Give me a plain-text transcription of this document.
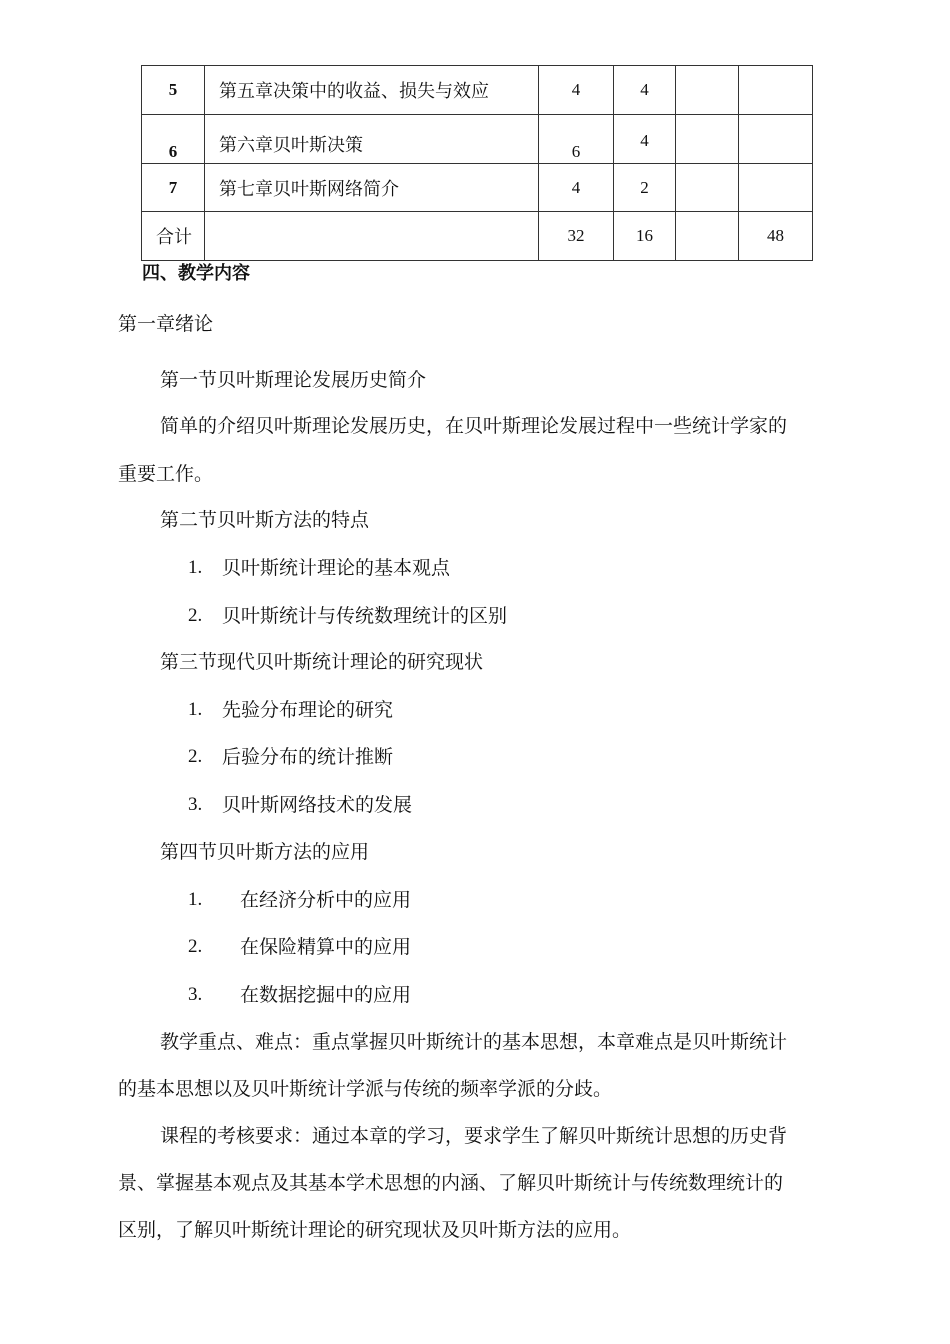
5	第五章决策中的收益、损失与效应	4	4		
6	第六章贝叶斯决策	6	4		
7	第七章贝叶斯网络简介	4	2		
合计		32	16		48
四、教学内容
第一章绪论
第一节贝叶斯理论发展历史简介
简单的介绍贝叶斯理论发展历史，在贝叶斯理论发展过程中一些统计学家的
重要工作。
第二节贝叶斯方法的特点
1. 贝叶斯统计理论的基本观点
2. 贝叶斯统计与传统数理统计的区别
第三节现代贝叶斯统计理论的研究现状
1. 先验分布理论的研究
2. 后验分布的统计推断
3. 贝叶斯网络技术的发展
第四节贝叶斯方法的应用
1. 在经济分析中的应用
2. 在保险精算中的应用
3. 在数据挖掘中的应用
教学重点、难点：重点掌握贝叶斯统计的基本思想，本章难点是贝叶斯统计
的基本思想以及贝叶斯统计学派与传统的频率学派的分歧。
课程的考核要求：通过本章的学习，要求学生了解贝叶斯统计思想的历史背
景、掌握基本观点及其基本学术思想的内涵、了解贝叶斯统计与传统数理统计的
区别，了解贝叶斯统计理论的研究现状及贝叶斯方法的应用。
